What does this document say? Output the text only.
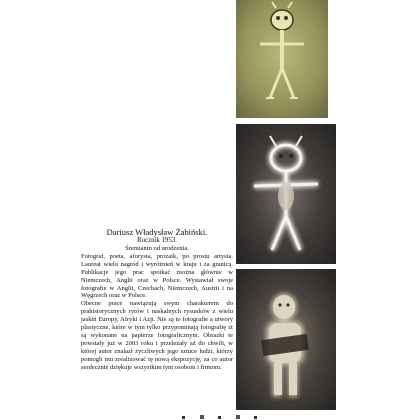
Dariusz Władysław Żabiński.

Rocznik 1953.

Śremianin od urodzenia.

Fotograf, poeta, aforysta, prozaik, po prostu artysta. Laureat wielu nagród i wyróżnień w kraju i za granicą. Publikacje jego prac spotkać można głównie w Niemczech, Anglii oraz w Polsce. Wystawiał swoje fotografie w Anglii, Czechach, Niemczech, Austrii i na Węgrzech oraz w Polsce.

Obecne prace nawiązują swym charakterem do prahistorycznych rytów i naskalnych rysunków z wielu jaskiń Europy, Afryki i Azji. Nie są to fotografie a utwory plastyczne, które w tym tylko przypominają fotografię iż są wykonane na papierze fotograficznym. Obrazki te powstały już w 2003 roku i przeleżały aż do chwili, w której autor znalazł życzliwych jego sztuce ludzi, którzy pomogli mu zrealizować tę nową ekspozycję, za co autor serdecznie dziękuje wszystkim tym osobom i firmom.
